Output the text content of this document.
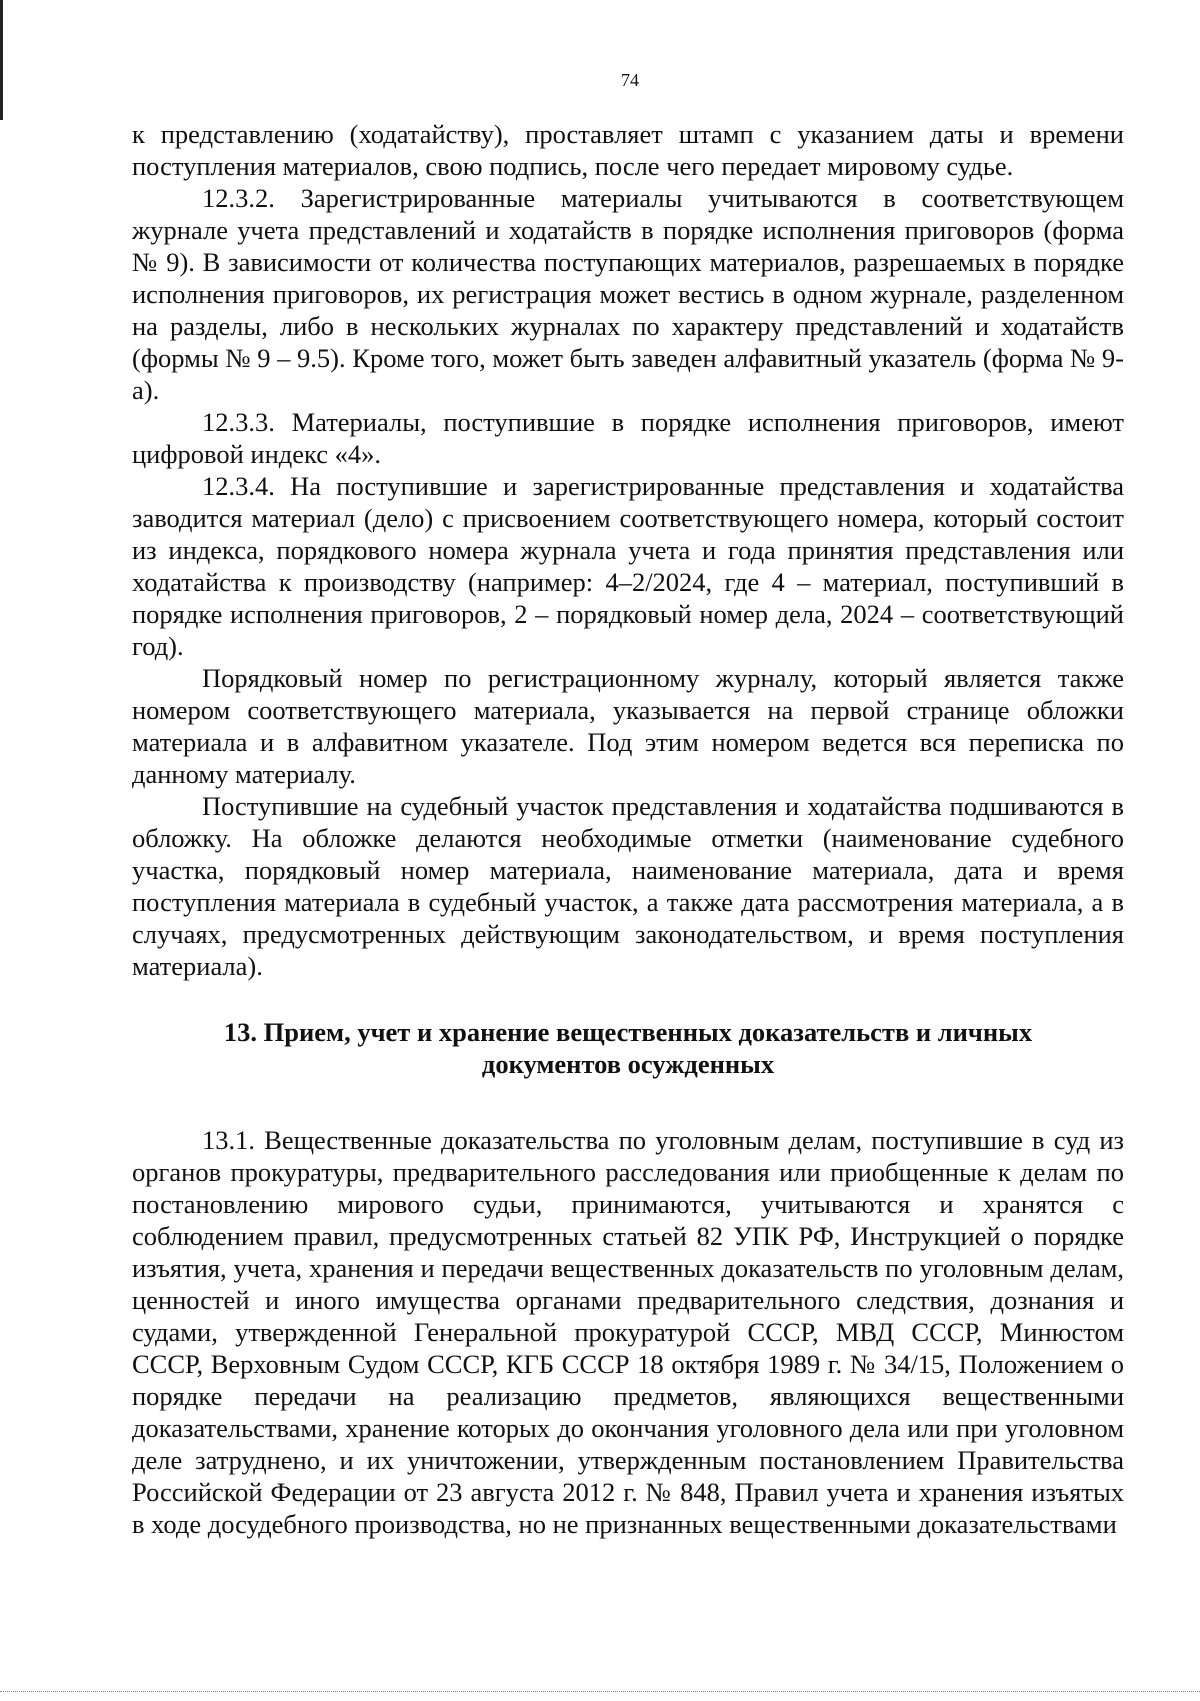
74

к представлению (ходатайству), проставляет штамп с указанием даты и времени поступления материалов, свою подпись, после чего передает мировому судье.

12.3.2. Зарегистрированные материалы учитываются в соответствующем журнале учета представлений и ходатайств в порядке исполнения приговоров (форма № 9). В зависимости от количества поступающих материалов, разрешаемых в порядке исполнения приговоров, их регистрация может вестись в одном журнале, разделенном на разделы, либо в нескольких журналах по характеру представлений и ходатайств (формы № 9 – 9.5). Кроме того, может быть заведен алфавитный указатель (форма № 9-а).

12.3.3. Материалы, поступившие в порядке исполнения приговоров, имеют цифровой индекс «4».

12.3.4. На поступившие и зарегистрированные представления и ходатайства заводится материал (дело) с присвоением соответствующего номера, который состоит из индекса, порядкового номера журнала учета и года принятия представления или ходатайства к производству (например: 4–2/2024, где 4 – материал, поступивший в порядке исполнения приговоров, 2 – порядковый номер дела, 2024 – соответствующий год).

Порядковый номер по регистрационному журналу, который является также номером соответствующего материала, указывается на первой странице обложки материала и в алфавитном указателе. Под этим номером ведется вся переписка по данному материалу.

Поступившие на судебный участок представления и ходатайства подшиваются в обложку. На обложке делаются необходимые отметки (наименование судебного участка, порядковый номер материала, наименование материала, дата и время поступления материала в судебный участок, а также дата рассмотрения материала, а в случаях, предусмотренных действующим законодательством, и время поступления материала).

13. Прием, учет и хранение вещественных доказательств и личных
документов осужденных

13.1. Вещественные доказательства по уголовным делам, поступившие в суд из органов прокуратуры, предварительного расследования или приобщенные к делам по постановлению мирового судьи, принимаются, учитываются и хранятся с соблюдением правил, предусмотренных статьей 82 УПК РФ, Инструкцией о порядке изъятия, учета, хранения и передачи вещественных доказательств по уголовным делам, ценностей и иного имущества органами предварительного следствия, дознания и судами, утвержденной Генеральной прокуратурой СССР, МВД СССР, Минюстом СССР, Верховным Судом СССР, КГБ СССР 18 октября 1989 г. № 34/15, Положением о порядке передачи на реализацию предметов, являющихся вещественными доказательствами, хранение которых до окончания уголовного дела или при уголовном деле затруднено, и их уничтожении, утвержденным постановлением Правительства Российской Федерации от 23 августа 2012 г. № 848, Правил учета и хранения изъятых в ходе досудебного производства, но не признанных вещественными доказательствами
